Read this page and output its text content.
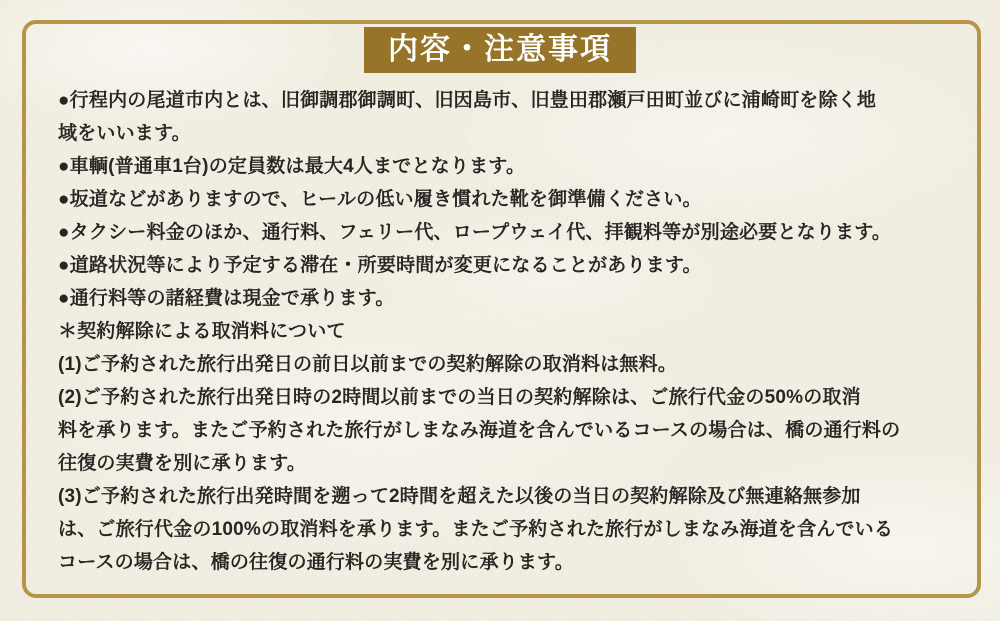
内容・注意事項
●行程内の尾道市内とは、旧御調郡御調町、旧因島市、旧豊田郡瀬戸田町並びに浦崎町を除く地
域をいいます。
●車輌(普通車1台)の定員数は最大4人までとなります。
●坂道などがありますので、ヒールの低い履き慣れた靴を御準備ください。
●タクシー料金のほか、通行料、フェリー代、ロープウェイ代、拝観料等が別途必要となります。
●道路状況等により予定する滞在・所要時間が変更になることがあります。
●通行料等の諸経費は現金で承ります。
＊契約解除による取消料について
(1)ご予約された旅行出発日の前日以前までの契約解除の取消料は無料。
(2)ご予約された旅行出発日時の2時間以前までの当日の契約解除は、ご旅行代金の50%の取消
料を承ります。またご予約された旅行がしまなみ海道を含んでいるコースの場合は、橋の通行料の
往復の実費を別に承ります。
(3)ご予約された旅行出発時間を遡って2時間を超えた以後の当日の契約解除及び無連絡無参加
は、ご旅行代金の100%の取消料を承ります。またご予約された旅行がしまなみ海道を含んでいる
コースの場合は、橋の往復の通行料の実費を別に承ります。
